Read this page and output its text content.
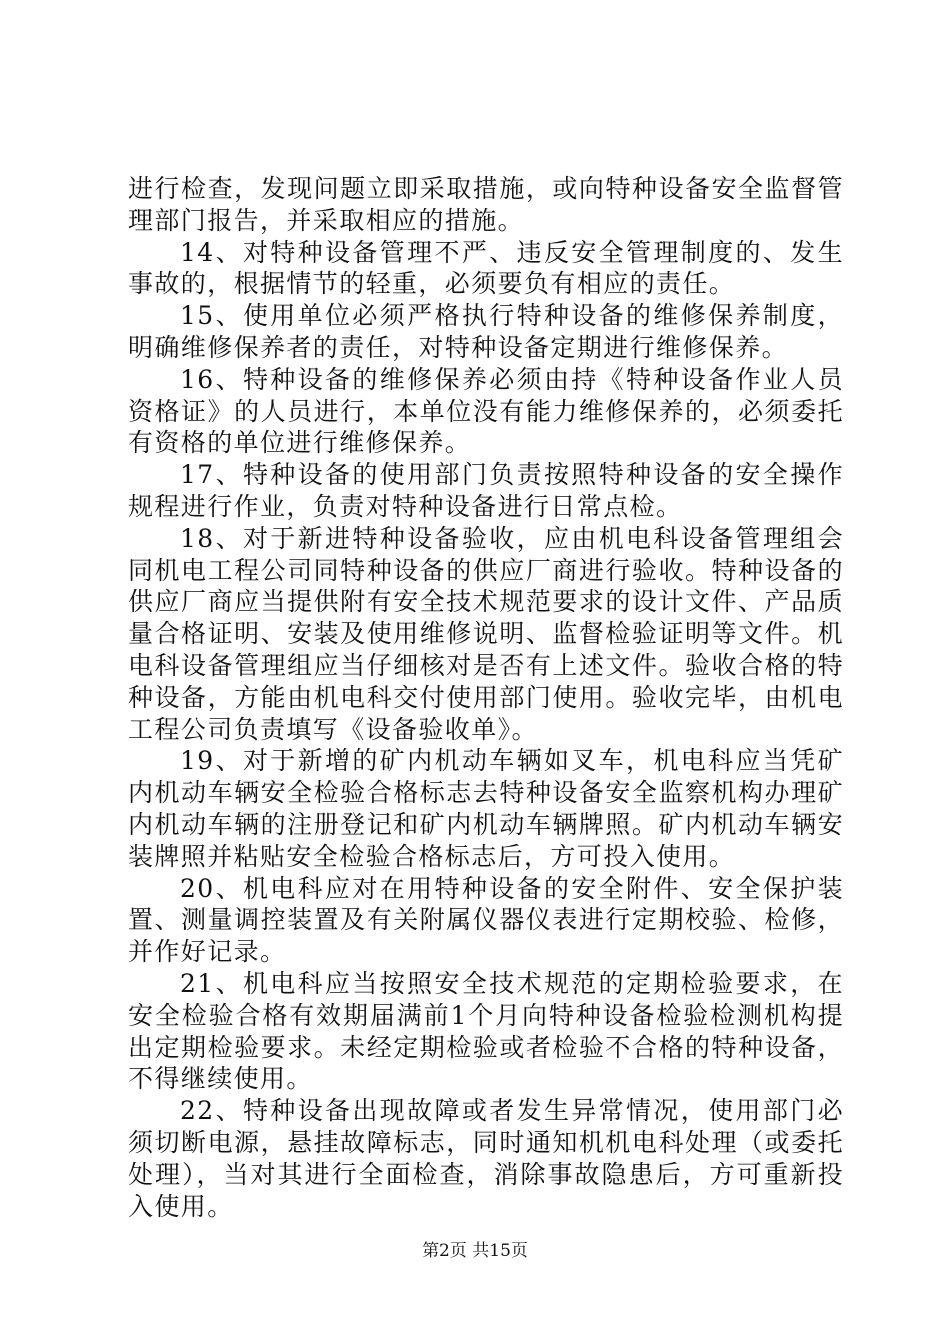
进行检查，发现问题立即采取措施，或向特种设备安全监督管理部门报告，并采取相应的措施。

14、对特种设备管理不严、违反安全管理制度的、发生事故的，根据情节的轻重，必须要负有相应的责任。

15、使用单位必须严格执行特种设备的维修保养制度，明确维修保养者的责任，对特种设备定期进行维修保养。

16、特种设备的维修保养必须由持《特种设备作业人员资格证》的人员进行，本单位没有能力维修保养的，必须委托有资格的单位进行维修保养。

17、特种设备的使用部门负责按照特种设备的安全操作规程进行作业，负责对特种设备进行日常点检。

18、对于新进特种设备验收，应由机电科设备管理组会同机电工程公司同特种设备的供应厂商进行验收。特种设备的供应厂商应当提供附有安全技术规范要求的设计文件、产品质量合格证明、安装及使用维修说明、监督检验证明等文件。机电科设备管理组应当仔细核对是否有上述文件。验收合格的特种设备，方能由机电科交付使用部门使用。验收完毕，由机电工程公司负责填写《设备验收单》。

19、对于新增的矿内机动车辆如叉车，机电科应当凭矿内机动车辆安全检验合格标志去特种设备安全监察机构办理矿内机动车辆的注册登记和矿内机动车辆牌照。矿内机动车辆安装牌照并粘贴安全检验合格标志后，方可投入使用。

20、机电科应对在用特种设备的安全附件、安全保护装置、测量调控装置及有关附属仪器仪表进行定期校验、检修，并作好记录。

21、机电科应当按照安全技术规范的定期检验要求，在安全检验合格有效期届满前1个月向特种设备检验检测机构提出定期检验要求。未经定期检验或者检验不合格的特种设备，不得继续使用。

22、特种设备出现故障或者发生异常情况，使用部门必须切断电源，悬挂故障标志，同时通知机机电科处理（或委托处理），当对其进行全面检查，消除事故隐患后，方可重新投入使用。

第2页 共15页
